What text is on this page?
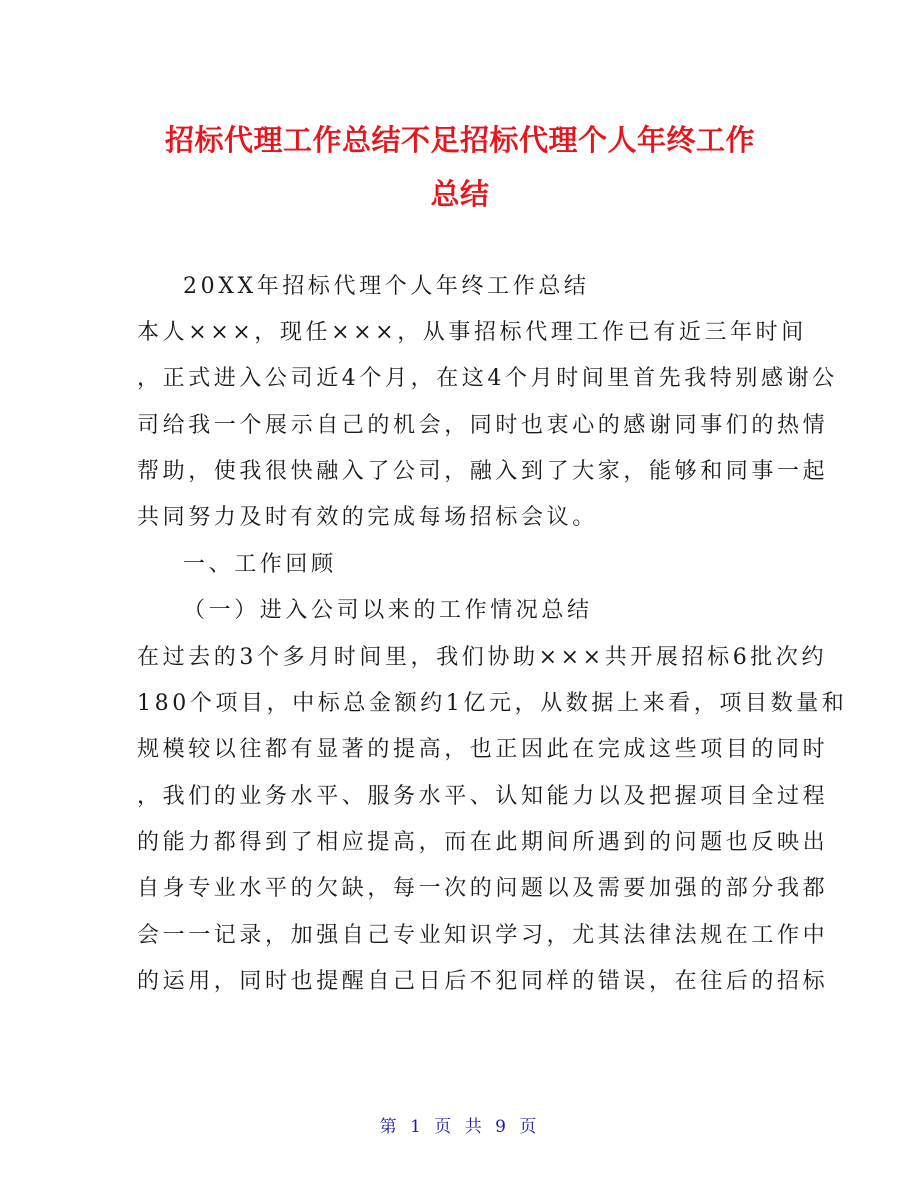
招标代理工作总结不足招标代理个人年终工作
总结

20XX年招标代理个人年终工作总结

本人×××，现任×××，从事招标代理工作已有近三年时间

，正式进入公司近4个月，在这4个月时间里首先我特别感谢公

司给我一个展示自己的机会，同时也衷心的感谢同事们的热情

帮助，使我很快融入了公司，融入到了大家，能够和同事一起

共同努力及时有效的完成每场招标会议。

一、工作回顾

（一）进入公司以来的工作情况总结

在过去的3个多月时间里，我们协助×××共开展招标6批次约

180个项目，中标总金额约1亿元，从数据上来看，项目数量和

规模较以往都有显著的提高，也正因此在完成这些项目的同时

，我们的业务水平、服务水平、认知能力以及把握项目全过程

的能力都得到了相应提高，而在此期间所遇到的问题也反映出

自身专业水平的欠缺，每一次的问题以及需要加强的部分我都

会一一记录，加强自己专业知识学习，尤其法律法规在工作中

的运用，同时也提醒自己日后不犯同样的错误，在往后的招标

第 1 页 共 9 页
